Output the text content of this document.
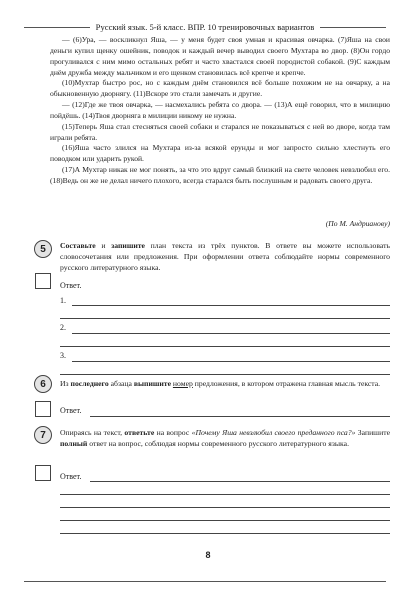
Русский язык. 5-й класс. ВПР. 10 тренировочных вариантов

— (6)Ура, — воскликнул Яша, — у меня будет своя умная и красивая овчарка. (7)Яша на свои деньги купил щенку ошейник, поводок и каждый вечер выводил своего Мухтара во двор. (8)Он гордо прогуливался с ним мимо остальных ребят и часто хвастался своей породистой собакой. (9)С каждым днём дружба между мальчиком и его щенком становилась всё крепче и крепче.

(10)Мухтар быстро рос, но с каждым днём становился всё больше похожим не на овчарку, а на обыкновенную дворнягу. (11)Вскоре это стали замечать и другие.

— (12)Где же твоя овчарка, — насмехались ребята со двора. — (13)А ещё говорил, что в милицию пойдёшь. (14)Твоя дворняга в милиции никому не нужна.

(15)Теперь Яша стал стесняться своей собаки и старался не показываться с ней во дворе, когда там играли ребята.

(16)Яша часто злился на Мухтара из-за всякой ерунды и мог запросто сильно хлестнуть его поводком или ударить рукой.

(17)А Мухтар никак не мог понять, за что это вдруг самый близкий на свете человек невзлюбил его. (18)Ведь он же не делал ничего плохого, всегда старался быть послушным и радовать своего друга.

(По М. Андрианову)
5	Составьте и запишите план текста из трёх пунктов. В ответе вы можете использовать словосочетания или предложения. При оформлении ответа соблюдайте нормы современного русского литературного языка.
Ответ.
1.
2.
3.
6	Из последнего абзаца выпишите номер предложения, в котором отражена главная мысль текста.
Ответ.
7	Опираясь на текст, ответьте на вопрос «Почему Яша невзлюбил своего преданного пса?» Запишите полный ответ на вопрос, соблюдая нормы современного русского литературного языка.
Ответ.
8
